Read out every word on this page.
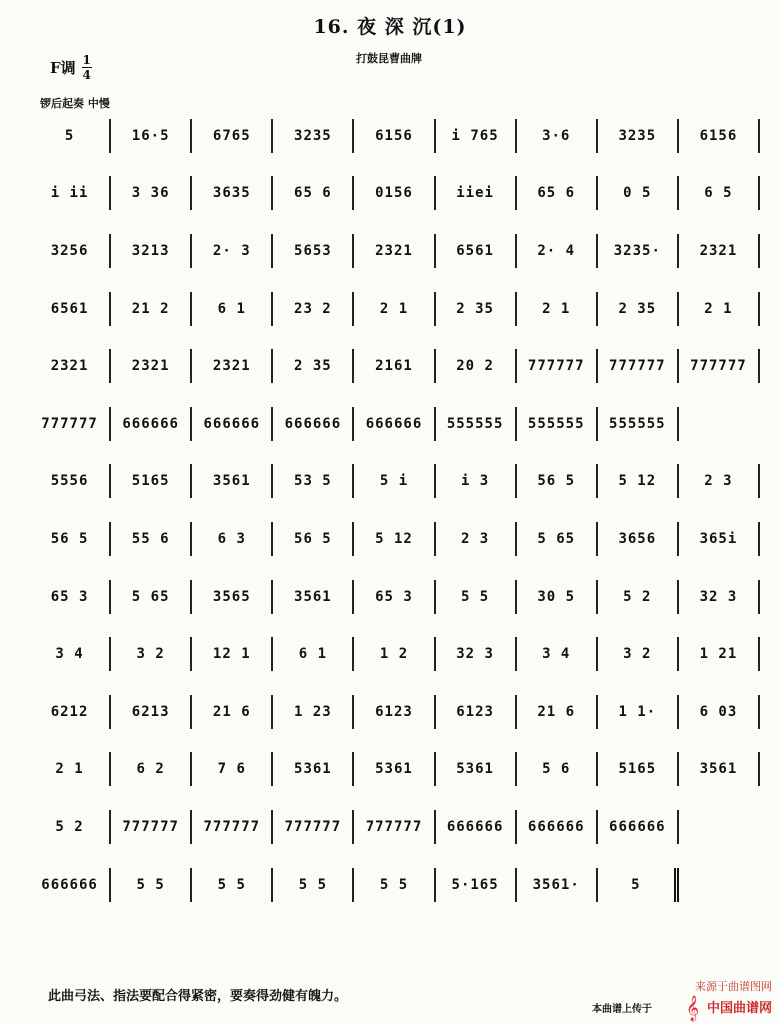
16. 夜 深 沉(1)
F调 $\frac{1}{4}$	打鼓昆曹曲牌
锣后起奏 中慢
5	16·5	6765	3235	6156	i 765	3·6	3235	6156
i ii	3 36	3635	65 6	0156	iiei	65 6	0 5	6 5
3256	3213	2· 3	5653	2321	6561	2· 4	3235·	2321
6561	21 2	6 1	23 2	2 1	2 35	2 1	2 35	2 1
2321	2321	2321	2 35	2161	20 2	777777	777777	777777
777777	666666	666666	666666	666666	555555	555555	555555
5556	5165	3561	53 5	5 i	i 3	56 5	5 12	2 3
56 5	55 6	6 3	56 5	5 12	2 3	5 65	3656	365i
65 3	5 65	3565	3561	65 3	5 5	30 5	5 2	32 3
3 4	3 2	12 1	6 1	1 2	32 3	3 4	3 2	1 21
6212	6213	21 6	1 23	6123	6123	21 6	1 1·	6 03
2 1	6 2	7 6	5361	5361	5361	5 6	5165	3561
5 2	777777	777777	777777	777777	666666	666666	666666
666666	5 5	5 5	5 5	5 5	5·165	3561·	5
此曲弓法、指法要配合得紧密，要奏得劲健有魄力。
本曲谱上传于
来源于曲谱图网
𝄞 中国曲谱网
